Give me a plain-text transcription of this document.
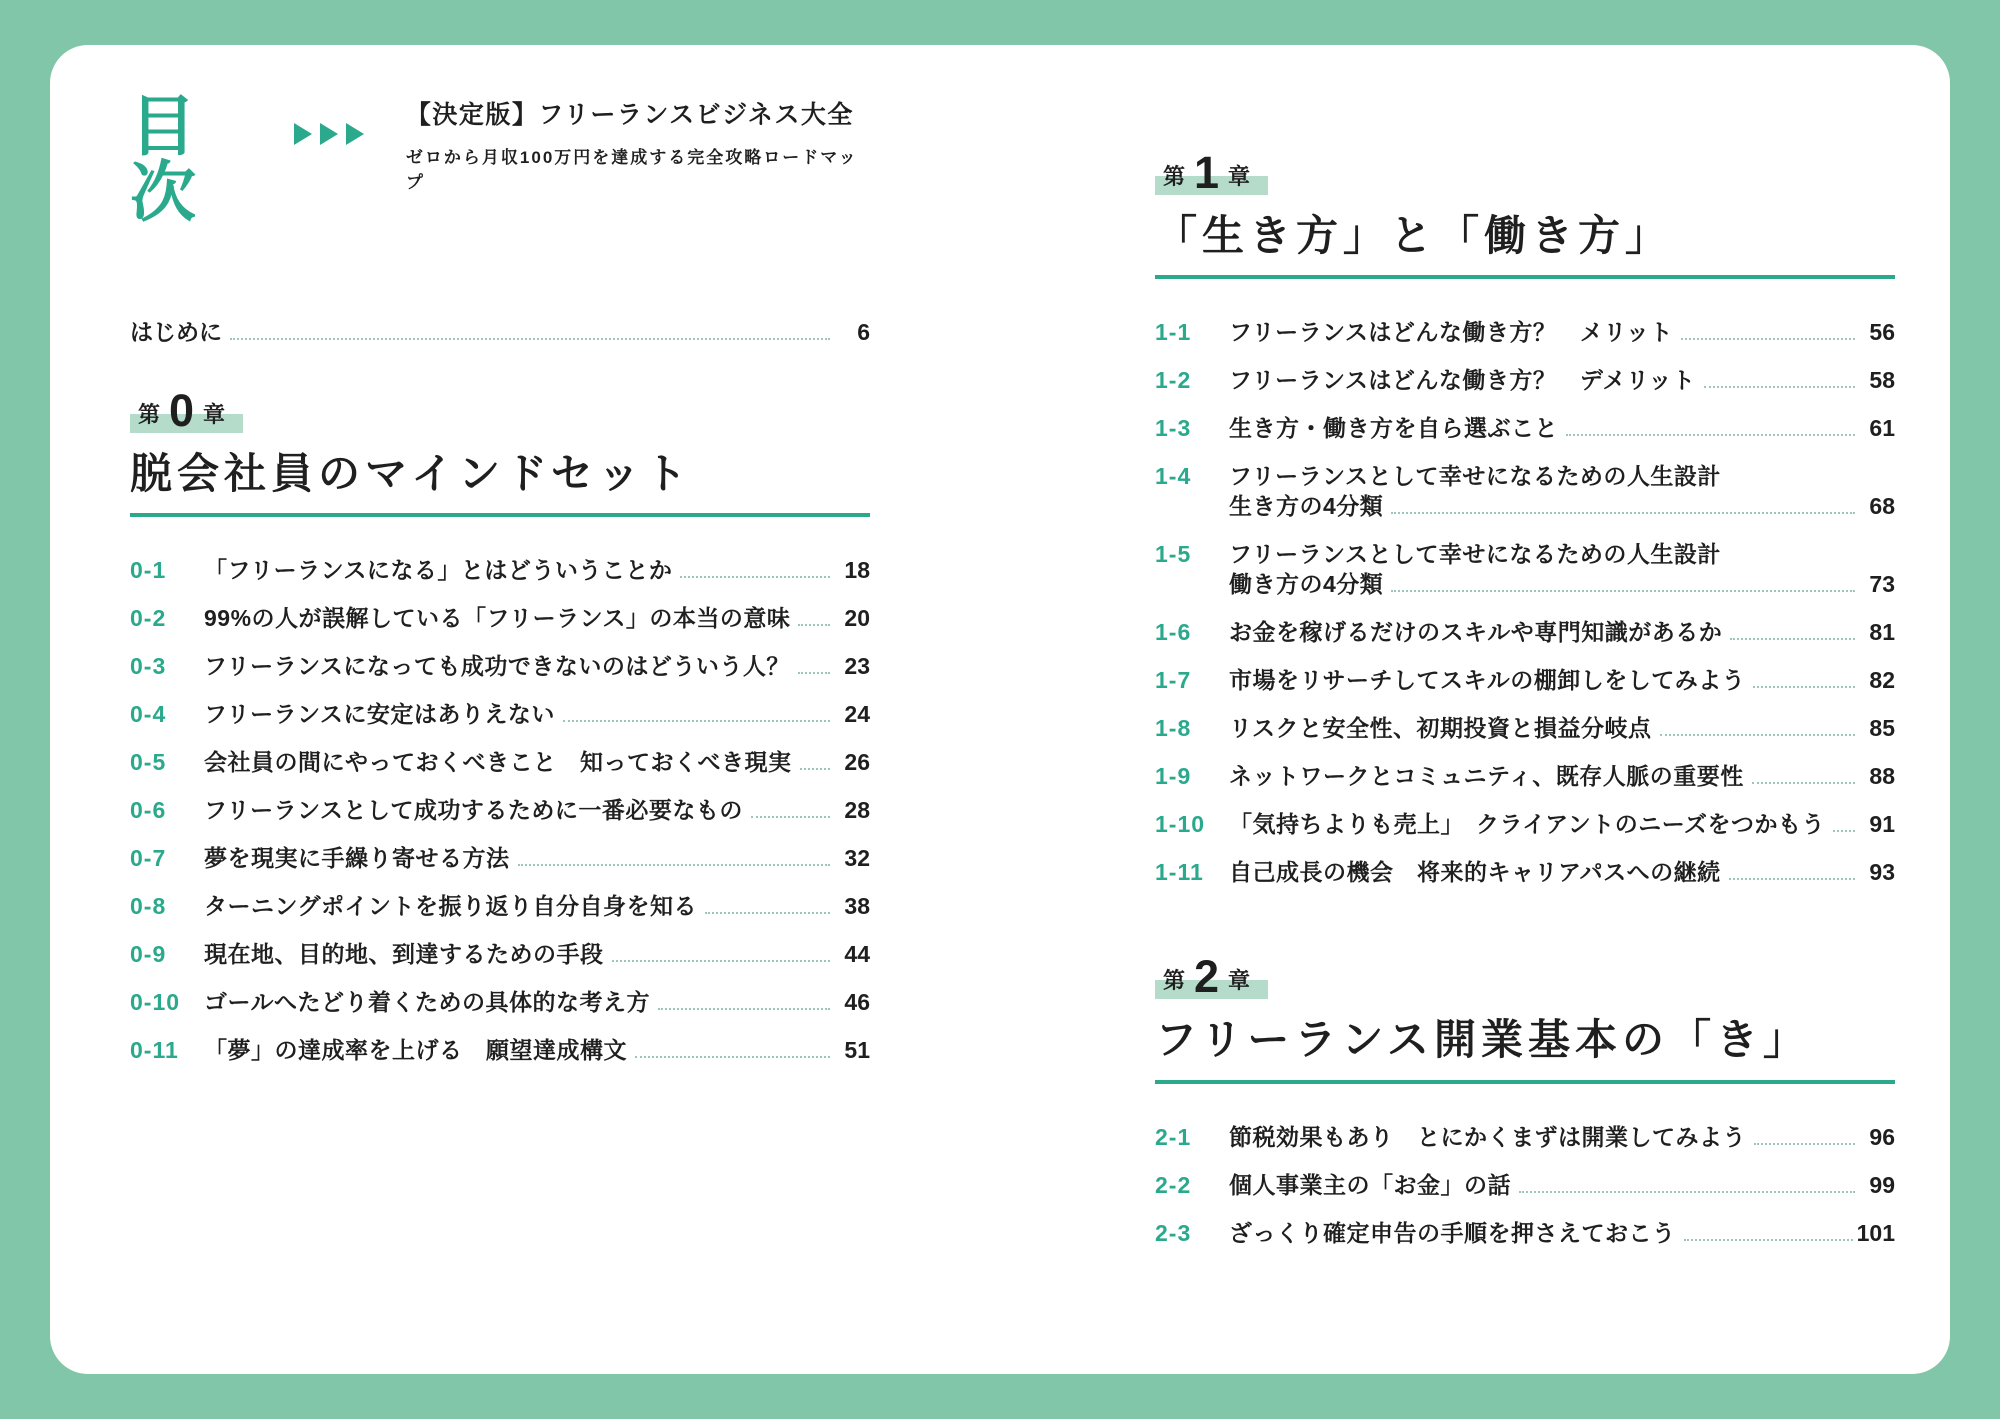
目次
【決定版】フリーランスビジネス大全
ゼロから月収100万円を達成する完全攻略ロードマップ
はじめに	6
第 0 章
脱会社員のマインドセット
0-1	「フリーランスになる」とはどういうことか	18
0-2	99%の人が誤解している「フリーランス」の本当の意味	20
0-3	フリーランスになっても成功できないのはどういう人？	23
0-4	フリーランスに安定はありえない	24
0-5	会社員の間にやっておくべきこと　知っておくべき現実	26
0-6	フリーランスとして成功するために一番必要なもの	28
0-7	夢を現実に手繰り寄せる方法	32
0-8	ターニングポイントを振り返り自分自身を知る	38
0-9	現在地、目的地、到達するための手段	44
0-10	ゴールへたどり着くための具体的な考え方	46
0-11	「夢」の達成率を上げる　願望達成構文	51
第 1 章
「生き方」と「働き方」
1-1	フリーランスはどんな働き方？　メリット	56
1-2	フリーランスはどんな働き方？　デメリット	58
1-3	生き方・働き方を自ら選ぶこと	61
1-4	フリーランスとして幸せになるための人生設計
生き方の4分類	68
1-5	フリーランスとして幸せになるための人生設計
働き方の4分類	73
1-6	お金を稼げるだけのスキルや専門知識があるか	81
1-7	市場をリサーチしてスキルの棚卸しをしてみよう	82
1-8	リスクと安全性、初期投資と損益分岐点	85
1-9	ネットワークとコミュニティ、既存人脈の重要性	88
1-10	「気持ちよりも売上」　クライアントのニーズをつかもう	91
1-11	自己成長の機会　将来的キャリアパスへの継続	93
第 2 章
フリーランス開業基本の「き」
2-1	節税効果もあり　とにかくまずは開業してみよう	96
2-2	個人事業主の「お金」の話	99
2-3	ざっくり確定申告の手順を押さえておこう	101
